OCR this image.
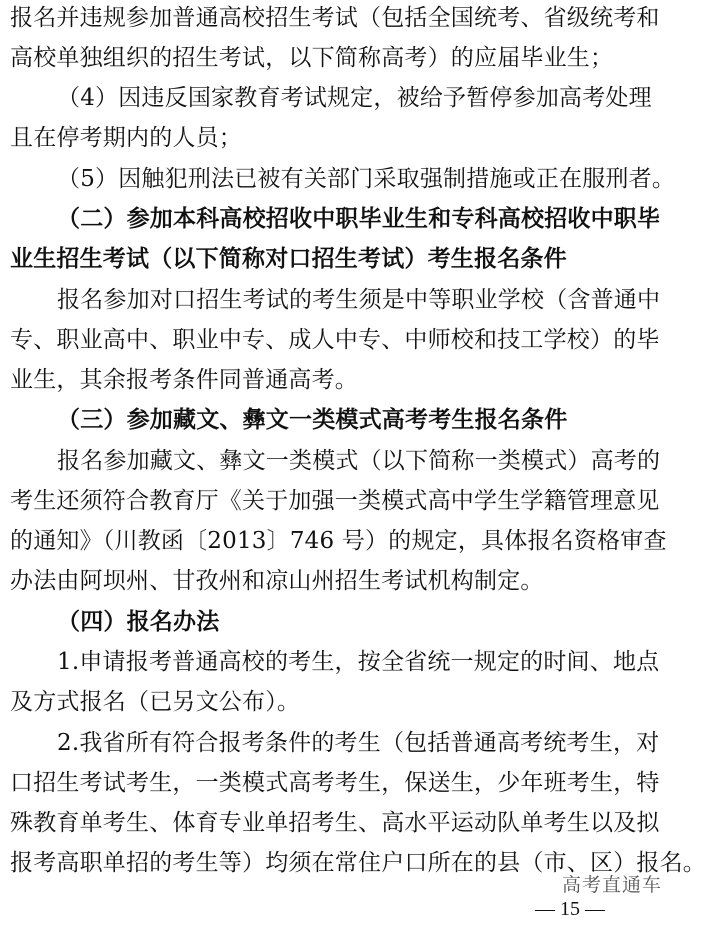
报名并违规参加普通高校招生考试（包括全国统考、省级统考和
高校单独组织的招生考试，以下简称高考）的应届毕业生；
（4）因违反国家教育考试规定，被给予暂停参加高考处理
且在停考期内的人员；
（5）因触犯刑法已被有关部门采取强制措施或正在服刑者。
（二）参加本科高校招收中职毕业生和专科高校招收中职毕
业生招生考试（以下简称对口招生考试）考生报名条件
报名参加对口招生考试的考生须是中等职业学校（含普通中
专、职业高中、职业中专、成人中专、中师校和技工学校）的毕
业生，其余报考条件同普通高考。
（三）参加藏文、彝文一类模式高考考生报名条件
报名参加藏文、彝文一类模式（以下简称一类模式）高考的
考生还须符合教育厅《关于加强一类模式高中学生学籍管理意见
的通知》（川教函〔2013〕746 号）的规定，具体报名资格审查
办法由阿坝州、甘孜州和凉山州招生考试机构制定。
（四）报名办法
1.申请报考普通高校的考生，按全省统一规定的时间、地点
及方式报名（已另文公布）。
2.我省所有符合报考条件的考生（包括普通高考统考生，对
口招生考试考生，一类模式高考考生，保送生，少年班考生，特
殊教育单考生、体育专业单招考生、高水平运动队单考生以及拟
报考高职单招的考生等）均须在常住户口所在的县（市、区）报名。
高考直通车
— 15 —
